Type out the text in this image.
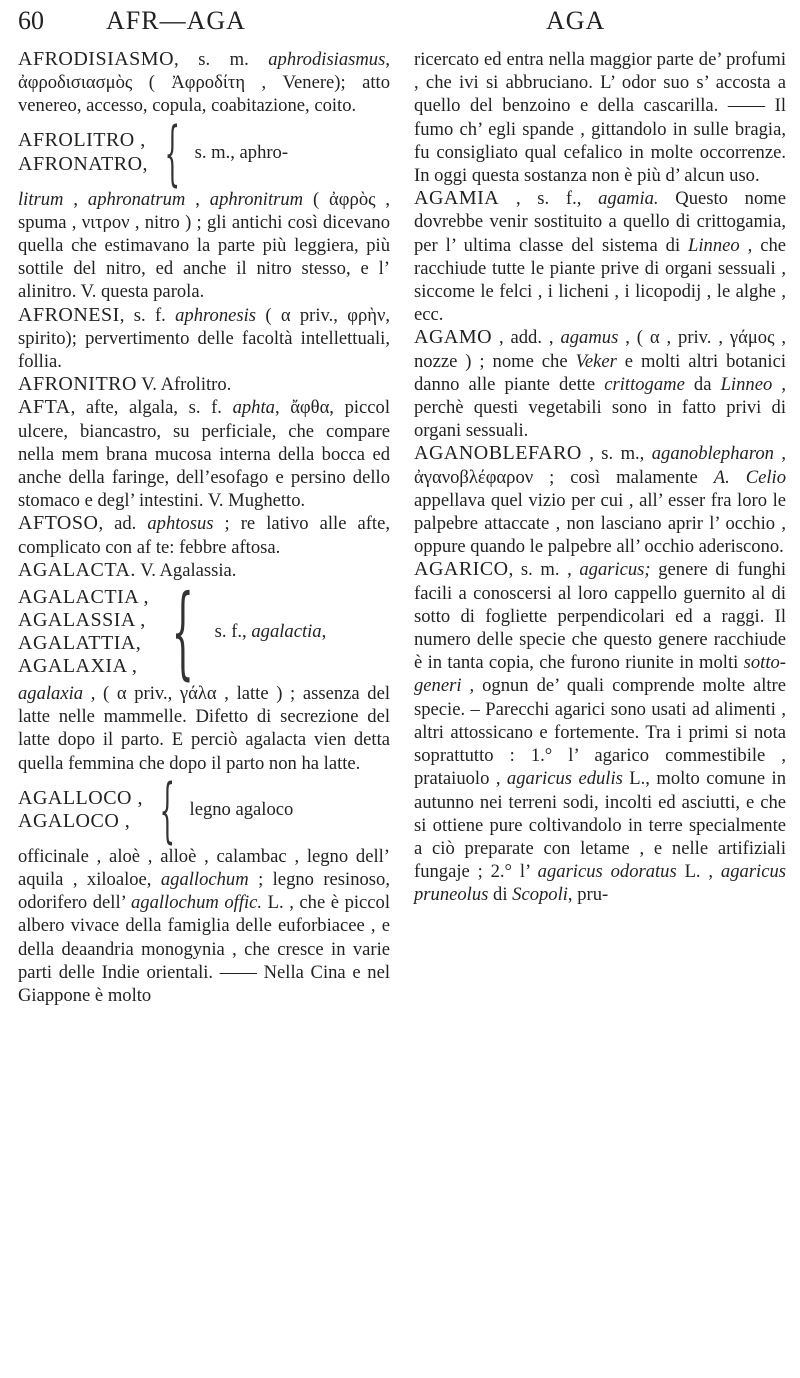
60 AFR—AGA	AGA

AFRODISIASMO, s. m. aphrodisiasmus, ἀφροδισιασμὸς ( Ἀφροδίτη , Venere); atto venereo, accesso, copula, coabitazione, coito.

AFROLITRO ,
AFRONATRO, { s. m., aphro-

litrum , aphronatrum , aphronitrum ( ἀφρὸς , spuma , νιτρον , nitro ) ; gli antichi così dicevano quella che estimavano la parte più leggiera, più sottile del nitro, ed anche il nitro stesso, e l’ alinitro. V. questa parola.

AFRONESI, s. f. aphronesis ( α priv., φρὴν, spirito); pervertimento delle facoltà intellettuali, follia.

AFRONITRO V. Afrolitro.

AFTA, afte, algala, s. f. aphta, ἄφθα, piccol ulcere, biancastro, su perficiale, che compare nella mem brana mucosa interna della bocca ed anche della faringe, dell’esofago e persino dello stomaco e degl’ intestini. V. Mughetto.

AFTOSO, ad. aphtosus ; re lativo alle afte, complicato con af te: febbre aftosa.

AGALACTA. V. Agalassia.

AGALACTIA ,
AGALASSIA ,
AGALATTIA,
AGALAXIA , { s. f., agalactia,

agalaxia , ( α priv., γάλα , latte ) ; assenza del latte nelle mammelle. Difetto di secrezione del latte dopo il parto. E perciò agalacta vien detta quella femmina che dopo il parto non ha latte.

AGALLOCO ,
AGALOCO , { legno agaloco

officinale , aloè , alloè , calambac , legno dell’ aquila , xiloaloe, agallochum ; legno resinoso, odorifero dell’ agallochum offic. L. , che è piccol albero vivace della famiglia delle euforbiacee , e della deaandria monogynia , che cresce in varie parti delle Indie orientali. —— Nella Cina e nel Giappone è molto

ricercato ed entra nella maggior parte de’ profumi , che ivi si abbruciano. L’ odor suo s’ accosta a quello del benzoino e della cascarilla. —— Il fumo ch’ egli spande , gittandolo in sulle bragia, fu consigliato qual cefalico in molte occorrenze. In oggi questa sostanza non è più d’ alcun uso.

AGAMIA , s. f., agamia. Questo nome dovrebbe venir sostituito a quello di crittogamia, per l’ ultima classe del sistema di Linneo , che racchiude tutte le piante prive di organi sessuali , siccome le felci , i licheni , i licopodij , le alghe , ecc.

AGAMO , add. , agamus , ( α , priv. , γάμος , nozze ) ; nome che Veker e molti altri botanici danno alle piante dette crittogame da Linneo , perchè questi vegetabili sono in fatto privi di organi sessuali.

AGANOBLEFARO , s. m., aganoblepharon , ἀγανοβλέφαρον ; così malamente A. Celio appellava quel vizio per cui , all’ esser fra loro le palpebre attaccate , non lasciano aprir l’ occhio , oppure quando le palpebre all’ occhio aderiscono.

AGARICO, s. m. , agaricus; genere di funghi facili a conoscersi al loro cappello guernito al di sotto di fogliette perpendicolari ed a raggi. Il numero delle specie che questo genere racchiude è in tanta copia, che furono riunite in molti sotto-generi , ognun de’ quali comprende molte altre specie. – Parecchi agarici sono usati ad alimenti , altri attossicano e fortemente. Tra i primi si nota soprattutto : 1.° l’ agarico commestibile , prataiuolo , agaricus edulis L., molto comune in autunno nei terreni sodi, incolti ed asciutti, e che si ottiene pure coltivandolo in terre specialmente a ciò preparate con letame , e nelle artifiziali fungaje ; 2.° l’ agaricus odoratus L. , agaricus pruneolus di Scopoli, pru-
